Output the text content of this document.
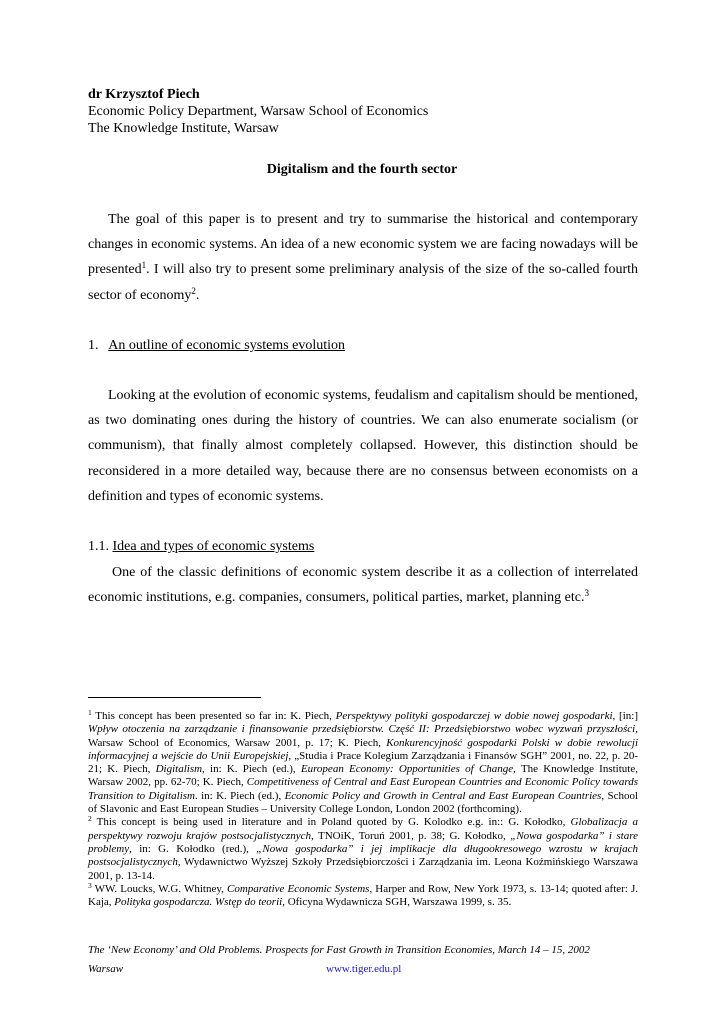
dr Krzysztof Piech
Economic Policy Department, Warsaw School of Economics
The Knowledge Institute, Warsaw
Digitalism and the fourth sector
The goal of this paper is to present and try to summarise the historical and contemporary changes in economic systems. An idea of a new economic system we are facing nowadays will be presented$^1$. I will also try to present some preliminary analysis of the size of the so-called fourth sector of economy$^2$.
1. An outline of economic systems evolution
Looking at the evolution of economic systems, feudalism and capitalism should be mentioned, as two dominating ones during the history of countries. We can also enumerate socialism (or communism), that finally almost completely collapsed. However, this distinction should be reconsidered in a more detailed way, because there are no consensus between economists on a definition and types of economic systems.
1.1. Idea and types of economic systems
One of the classic definitions of economic system describe it as a collection of interrelated economic institutions, e.g. companies, consumers, political parties, market, planning etc.$^3$

$^1$ This concept has been presented so far in: K. Piech, Perspektywy polityki gospodarczej w dobie nowej gospodarki, [in:] Wpływ otoczenia na zarządzanie i finansowanie przedsiębiorstw. Część II: Przedsiębiorstwo wobec wyzwań przyszłości, Warsaw School of Economics, Warsaw 2001, p. 17; K. Piech, Konkurencyjność gospodarki Polski w dobie rewolucji informacyjnej a wejście do Unii Europejskiej, „Studia i Prace Kolegium Zarządzania i Finansów SGH” 2001, no. 22, p. 20-21; K. Piech, Digitalism, in: K. Piech (ed.), European Economy: Opportunities of Change, The Knowledge Institute, Warsaw 2002, pp. 62-70; K. Piech, Competitiveness of Central and East European Countries and Economic Policy towards Transition to Digitalism. in: K. Piech (ed.), Economic Policy and Growth in Central and East European Countries, School of Slavonic and East European Studies – University College London, London 2002 (forthcoming).

$^2$ This concept is being used in literature and in Poland quoted by G. Kolodko e.g. in:: G. Kołodko, Globalizacja a perspektywy rozwoju krajów postsocjalistycznych, TNOiK, Toruń 2001, p. 38; G. Kołodko, „Nowa gospodarka” i stare problemy, in: G. Kołodko (red.), „Nowa gospodarka” i jej implikacje dla długookresowego wzrostu w krajach postsocjalistycznych, Wydawnictwo Wyższej Szkoły Przedsiębiorczości i Zarządzania im. Leona Koźmińskiego Warszawa 2001, p. 13-14.

$^3$ WW. Loucks, W.G. Whitney, Comparative Economic Systems, Harper and Row, New York 1973, s. 13-14; quoted after: J. Kaja, Polityka gospodarcza. Wstęp do teorii, Oficyna Wydawnicza SGH, Warszawa 1999, s. 35.

The ‘New Economy’ and Old Problems. Prospects for Fast Growth in Transition Economies, March 14 – 15, 2002
Warsaw	www.tiger.edu.pl
